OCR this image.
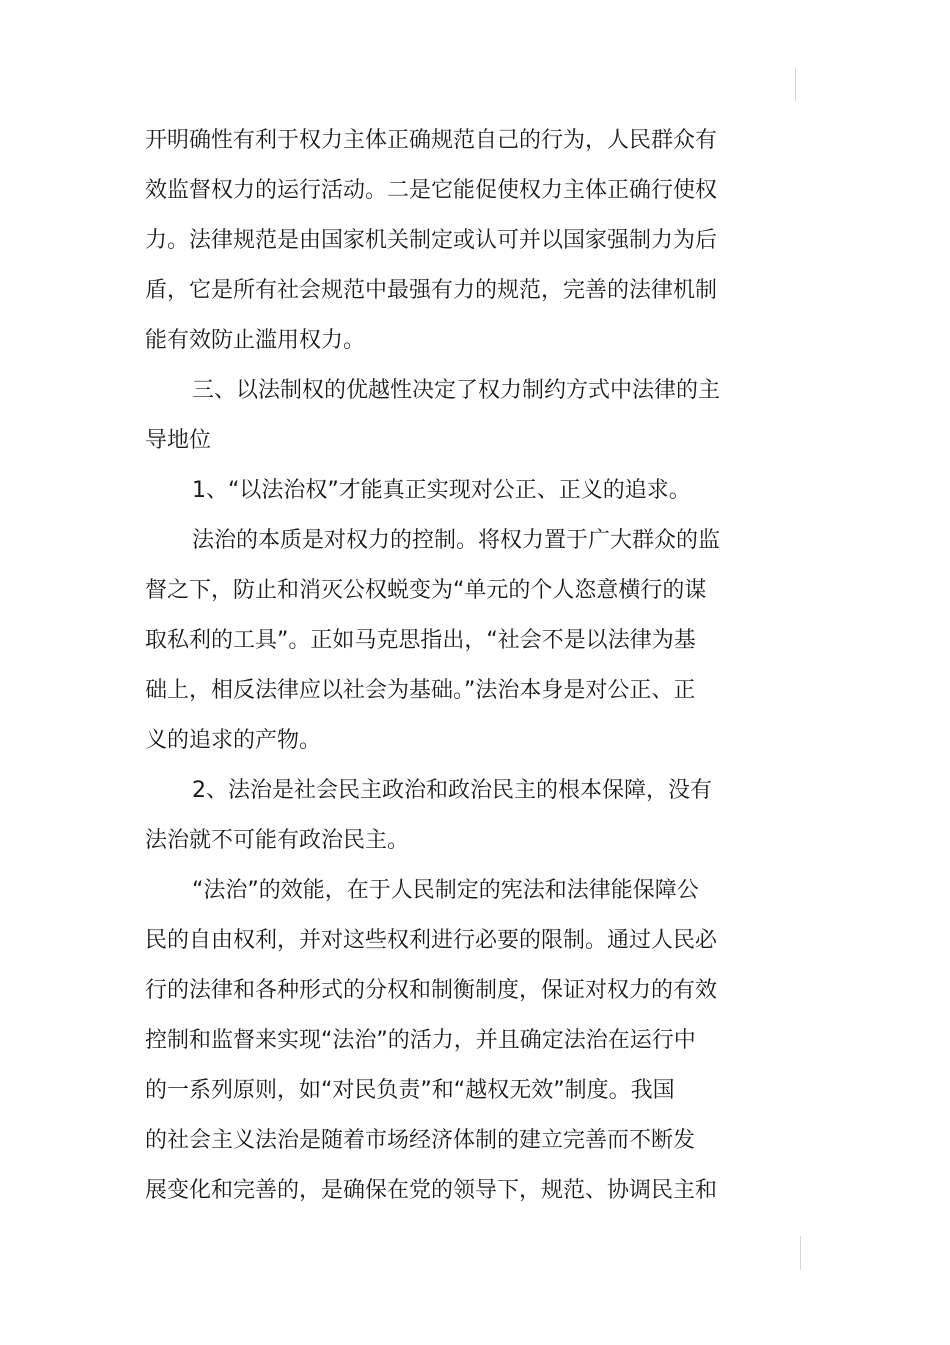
开明确性有利于权力主体正确规范自己的行为，人民群众有
效监督权力的运行活动。二是它能促使权力主体正确行使权
力。法律规范是由国家机关制定或认可并以国家强制力为后
盾，它是所有社会规范中最强有力的规范，完善的法律机制
能有效防止滥用权力。
三、以法制权的优越性决定了权力制约方式中法律的主
导地位
1、“以法治权”才能真正实现对公正、正义的追求。
法治的本质是对权力的控制。将权力置于广大群众的监
督之下，防止和消灭公权蜕变为“单元的个人恣意横行的谋
取私利的工具”。正如马克思指出，“社会不是以法律为基
础上，相反法律应以社会为基础。”法治本身是对公正、正
义的追求的产物。
2、法治是社会民主政治和政治民主的根本保障，没有
法治就不可能有政治民主。
“法治”的效能，在于人民制定的宪法和法律能保障公
民的自由权利，并对这些权利进行必要的限制。通过人民必
行的法律和各种形式的分权和制衡制度，保证对权力的有效
控制和监督来实现“法治”的活力，并且确定法治在运行中
的一系列原则，如“对民负责”和“越权无效”制度。我国
的社会主义法治是随着市场经济体制的建立完善而不断发
展变化和完善的，是确保在党的领导下，规范、协调民主和
